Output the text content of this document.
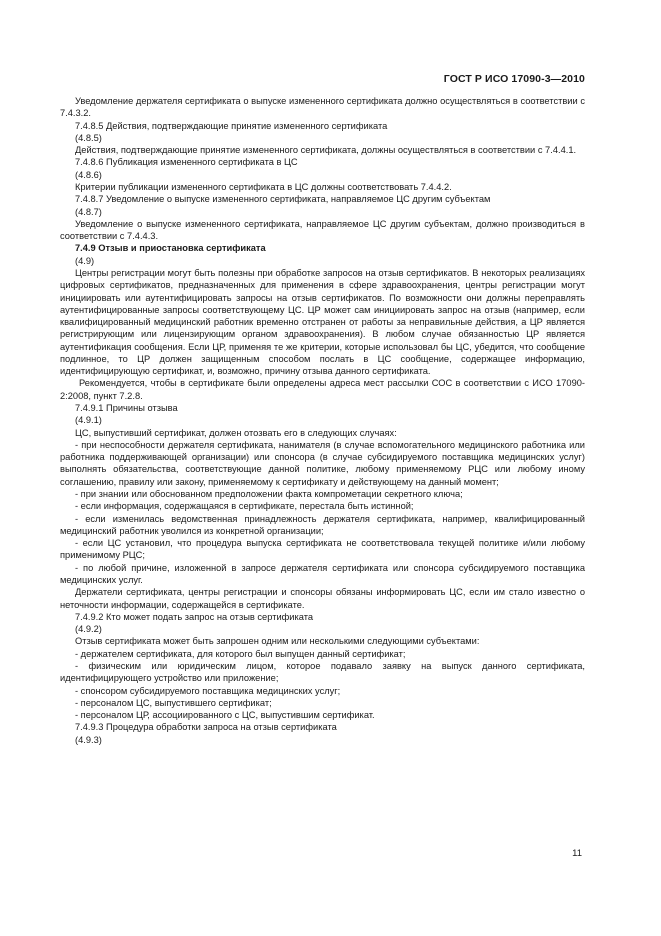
ГОСТ Р ИСО 17090-3—2010

Уведомление держателя сертификата о выпуске измененного сертификата должно осуществляться в соответствии с 7.4.3.2.

7.4.8.5 Действия, подтверждающие принятие измененного сертификата

(4.8.5)

Действия, подтверждающие принятие измененного сертификата, должны осуществляться в соответствии с 7.4.4.1.

7.4.8.6 Публикация измененного сертификата в ЦС

(4.8.6)

Критерии публикации измененного сертификата в ЦС должны соответствовать 7.4.4.2.

7.4.8.7 Уведомление о выпуске измененного сертификата, направляемое ЦС другим субъектам

(4.8.7)

Уведомление о выпуске измененного сертификата, направляемое ЦС другим субъектам, должно производиться в соответствии с 7.4.4.3.

7.4.9 Отзыв и приостановка сертификата

(4.9)

Центры регистрации могут быть полезны при обработке запросов на отзыв сертификатов. В некоторых реализациях цифровых сертификатов, предназначенных для применения в сфере здравоохранения, центры регистрации могут инициировать или аутентифицировать запросы на отзыв сертификатов. По возможности они должны переправлять аутентифицированные запросы соответствующему ЦС. ЦР может сам инициировать запрос на отзыв (например, если квалифицированный медицинский работник временно отстранен от работы за неправильные действия, а ЦР является регистрирующим или лицензирующим органом здравоохранения). В любом случае обязанностью ЦР является аутентификация сообщения. Если ЦР, применяя те же критерии, которые использовал бы ЦС, убедится, что сообщение подлинное, то ЦР должен защищенным способом послать в ЦС сообщение, содержащее информацию, идентифицирующую сертификат, и, возможно, причину отзыва данного сертификата.

Рекомендуется, чтобы в сертификате были определены адреса мест рассылки СОС в соответствии с ИСО 17090-2:2008, пункт 7.2.8.

7.4.9.1 Причины отзыва

(4.9.1)

ЦС, выпустивший сертификат, должен отозвать его в следующих случаях:

- при неспособности держателя сертификата, нанимателя (в случае вспомогательного медицинского работника или работника поддерживающей организации) или спонсора (в случае субсидируемого поставщика медицинских услуг) выполнять обязательства, соответствующие данной политике, любому применяемому РЦС или любому иному соглашению, правилу или закону, применяемому к сертификату и действующему на данный момент;

- при знании или обоснованном предположении факта компрометации секретного ключа;

- если информация, содержащаяся в сертификате, перестала быть истинной;

- если изменилась ведомственная принадлежность держателя сертификата, например, квалифицированный медицинский работник уволился из конкретной организации;

- если ЦС установил, что процедура выпуска сертификата не соответствовала текущей политике и/или любому применимому РЦС;

- по любой причине, изложенной в запросе держателя сертификата или спонсора субсидируемого поставщика медицинских услуг.

Держатели сертификата, центры регистрации и спонсоры обязаны информировать ЦС, если им стало известно о неточности информации, содержащейся в сертификате.

7.4.9.2 Кто может подать запрос на отзыв сертификата

(4.9.2)

Отзыв сертификата может быть запрошен одним или несколькими следующими субъектами:

- держателем сертификата, для которого был выпущен данный сертификат;

- физическим или юридическим лицом, которое подавало заявку на выпуск данного сертификата, идентифицирующего устройство или приложение;

- спонсором субсидируемого поставщика медицинских услуг;

- персоналом ЦС, выпустившего сертификат;

- персоналом ЦР, ассоциированного с ЦС, выпустившим сертификат.

7.4.9.3 Процедура обработки запроса на отзыв сертификата

(4.9.3)

11
